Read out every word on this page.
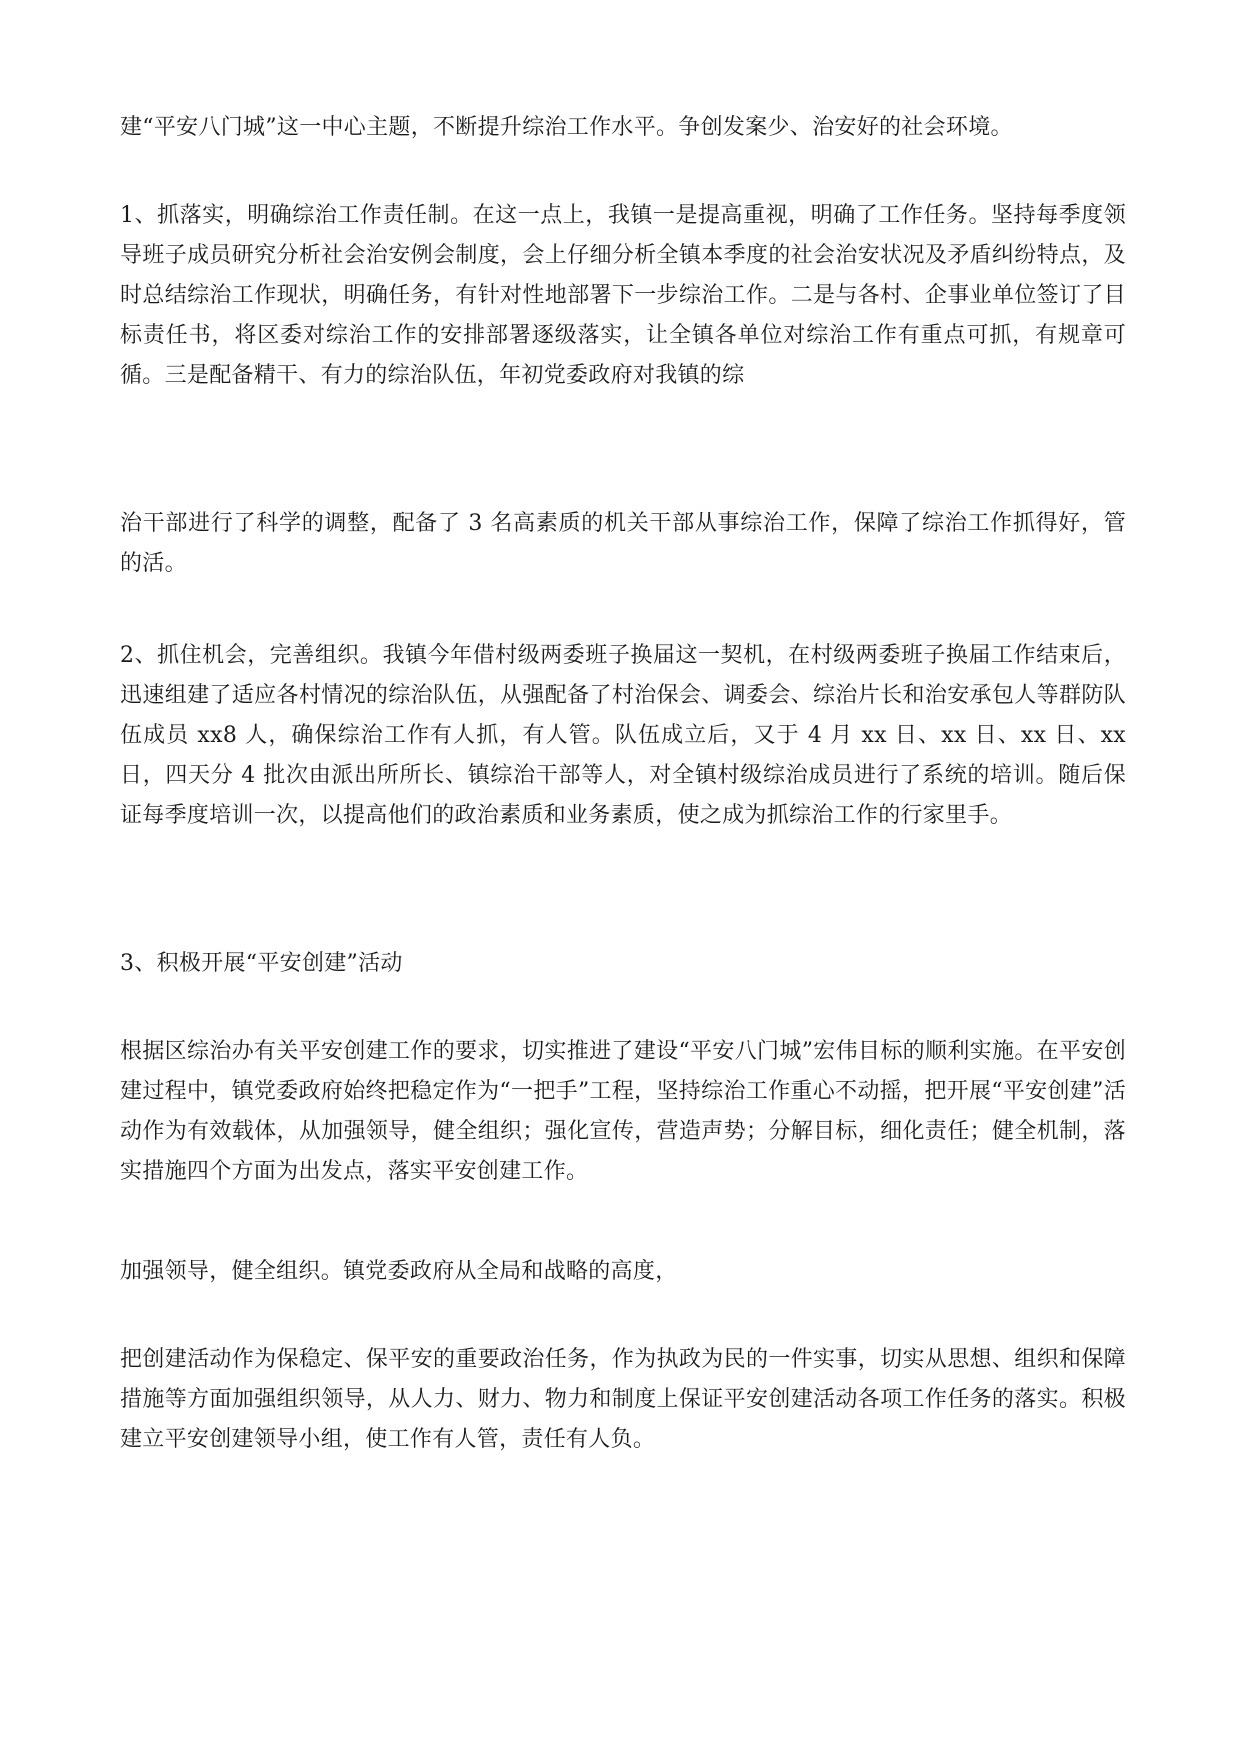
建“平安八门城”这一中心主题，不断提升综治工作水平。争创发案少、治安好的社会环境。

1、抓落实，明确综治工作责任制。在这一点上，我镇一是提高重视，明确了工作任务。坚持每季度领导班子成员研究分析社会治安例会制度，会上仔细分析全镇本季度的社会治安状况及矛盾纠纷特点，及时总结综治工作现状，明确任务，有针对性地部署下一步综治工作。二是与各村、企事业单位签订了目标责任书，将区委对综治工作的安排部署逐级落实，让全镇各单位对综治工作有重点可抓，有规章可循。三是配备精干、有力的综治队伍，年初党委政府对我镇的综

治干部进行了科学的调整，配备了 3 名高素质的机关干部从事综治工作，保障了综治工作抓得好，管的活。

2、抓住机会，完善组织。我镇今年借村级两委班子换届这一契机，在村级两委班子换届工作结束后，迅速组建了适应各村情况的综治队伍，从强配备了村治保会、调委会、综治片长和治安承包人等群防队伍成员 xx8 人，确保综治工作有人抓，有人管。队伍成立后，又于 4 月 xx 日、xx 日、xx 日、xx 日，四天分 4 批次由派出所所长、镇综治干部等人，对全镇村级综治成员进行了系统的培训。随后保证每季度培训一次，以提高他们的政治素质和业务素质，使之成为抓综治工作的行家里手。

3、积极开展“平安创建”活动

根据区综治办有关平安创建工作的要求，切实推进了建设“平安八门城”宏伟目标的顺利实施。在平安创建过程中，镇党委政府始终把稳定作为“一把手”工程，坚持综治工作重心不动摇，把开展“平安创建”活动作为有效载体，从加强领导，健全组织；强化宣传，营造声势；分解目标，细化责任；健全机制，落实措施四个方面为出发点，落实平安创建工作。

加强领导，健全组织。镇党委政府从全局和战略的高度，

把创建活动作为保稳定、保平安的重要政治任务，作为执政为民的一件实事，切实从思想、组织和保障措施等方面加强组织领导，从人力、财力、物力和制度上保证平安创建活动各项工作任务的落实。积极建立平安创建领导小组，使工作有人管，责任有人负。
